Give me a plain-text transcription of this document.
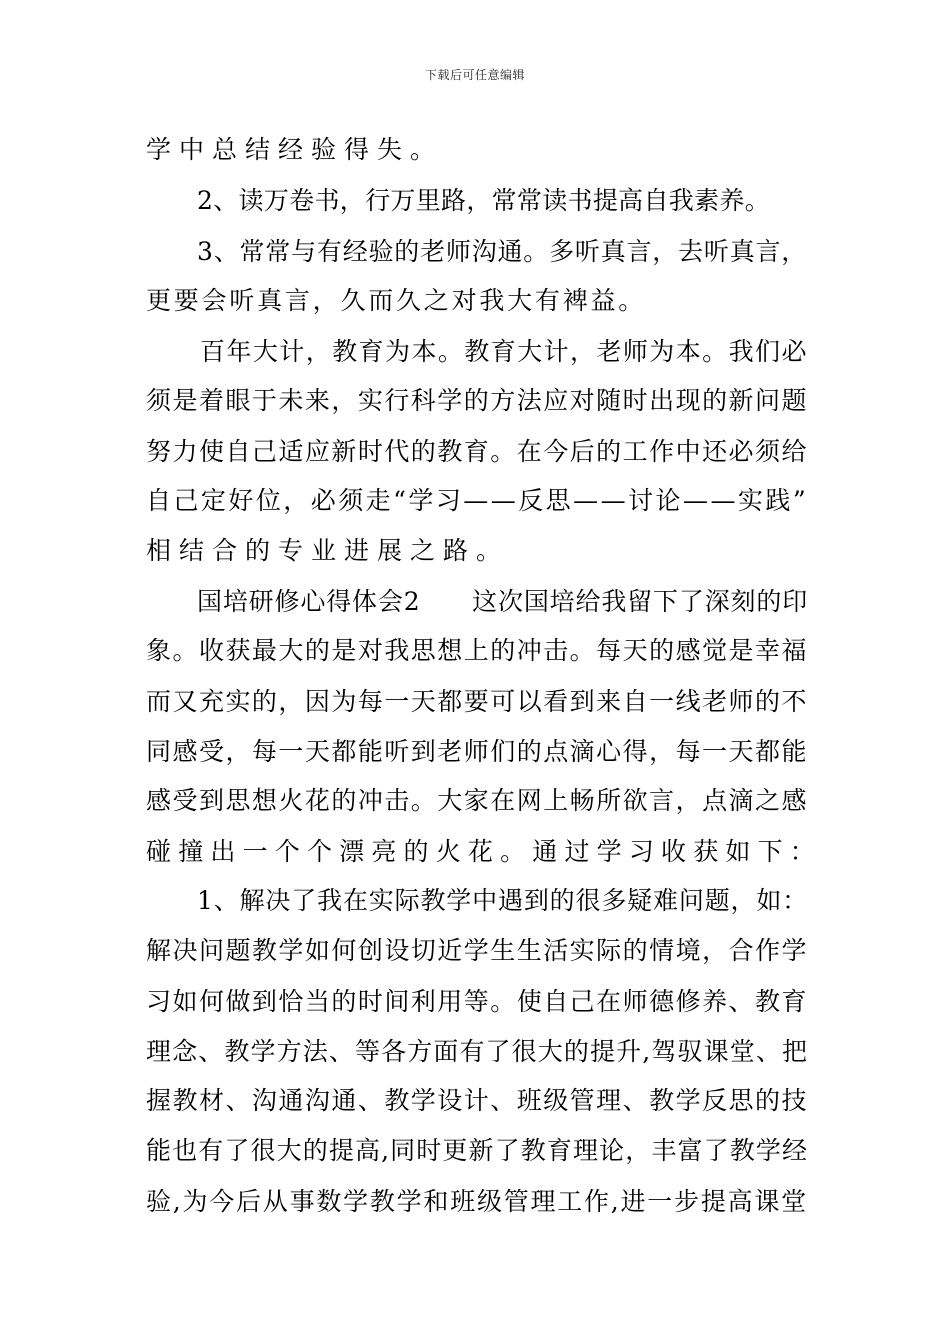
下载后可任意编辑
学中总结经验得失。
2、读万卷书，行万里路，常常读书提高自我素养。
3、常常与有经验的老师沟通。多听真言，去听真言，
更要会听真言，久而久之对我大有裨益。
百年大计，教育为本。教育大计，老师为本。我们必
须是着眼于未来，实行科学的方法应对随时出现的新问题
努力使自己适应新时代的教育。在今后的工作中还必须给
自己定好位，必须走“学习——反思——讨论——实践”
相结合的专业进展之路。
国培研修心得体会2　　这次国培给我留下了深刻的印
象。收获最大的是对我思想上的冲击。每天的感觉是幸福
而又充实的，因为每一天都要可以看到来自一线老师的不
同感受，每一天都能听到老师们的点滴心得，每一天都能
感受到思想火花的冲击。大家在网上畅所欲言，点滴之感
碰撞出一个个漂亮的火花。通过学习收获如下：
1、解决了我在实际教学中遇到的很多疑难问题，如：
解决问题教学如何创设切近学生生活实际的情境，合作学
习如何做到恰当的时间利用等。使自己在师德修养、教育
理念、教学方法、等各方面有了很大的提升,驾驭课堂、把
握教材、沟通沟通、教学设计、班级管理、教学反思的技
能也有了很大的提高,同时更新了教育理论，丰富了教学经
验,为今后从事数学教学和班级管理工作,进一步提高课堂
